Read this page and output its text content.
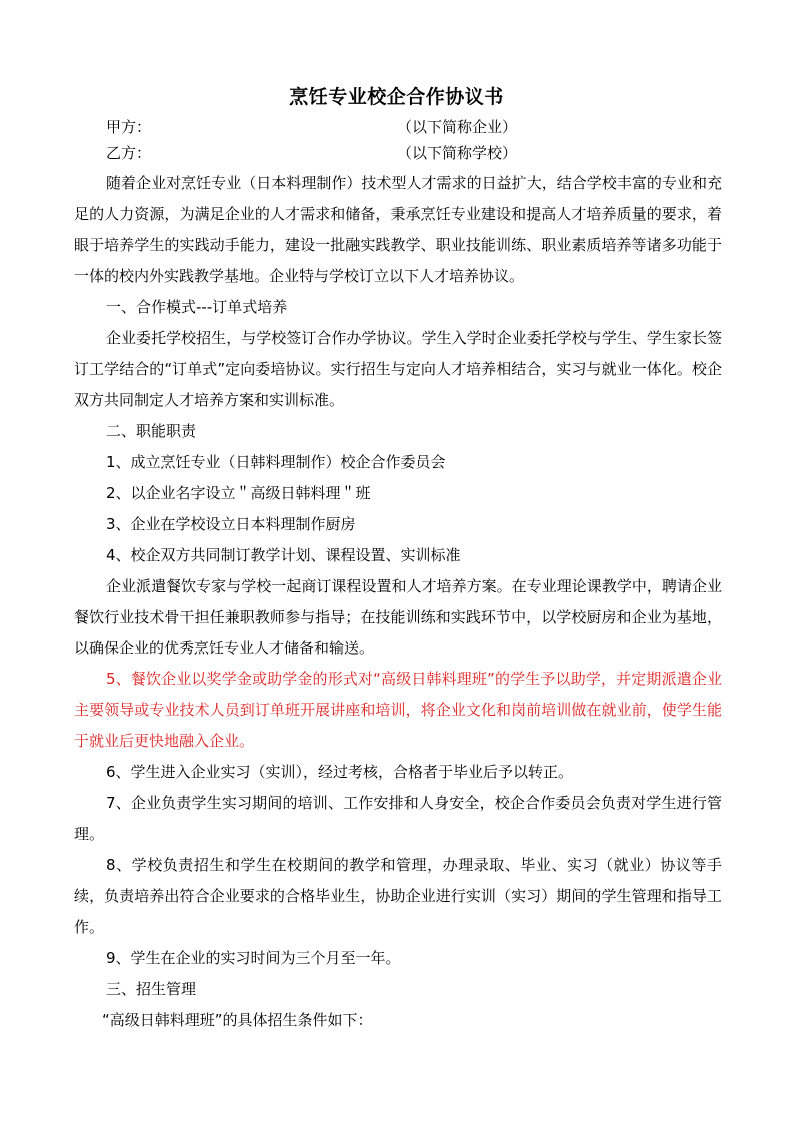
烹饪专业校企合作协议书
甲方：	（以下简称企业）
乙方：	（以下简称学校）

随着企业对烹饪专业（日本料理制作）技术型人才需求的日益扩大，结合学校丰富的专业和充足的人力资源，为满足企业的人才需求和储备，秉承烹饪专业建设和提高人才培养质量的要求，着眼于培养学生的实践动手能力，建设一批融实践教学、职业技能训练、职业素质培养等诸多功能于一体的校内外实践教学基地。企业特与学校订立以下人才培养协议。

一、合作模式---订单式培养

企业委托学校招生，与学校签订合作办学协议。学生入学时企业委托学校与学生、学生家长签订工学结合的“订单式”定向委培协议。实行招生与定向人才培养相结合，实习与就业一体化。校企双方共同制定人才培养方案和实训标准。

二、职能职责

1、成立烹饪专业（日韩料理制作）校企合作委员会

2、以企业名字设立＂高级日韩料理＂班

3、企业在学校设立日本料理制作厨房

4、校企双方共同制订教学计划、课程设置、实训标准

企业派遣餐饮专家与学校一起商订课程设置和人才培养方案。在专业理论课教学中，聘请企业餐饮行业技术骨干担任兼职教师参与指导；在技能训练和实践环节中，以学校厨房和企业为基地，以确保企业的优秀烹饪专业人才储备和输送。

5、餐饮企业以奖学金或助学金的形式对“高级日韩料理班”的学生予以助学，并定期派遣企业主要领导或专业技术人员到订单班开展讲座和培训，将企业文化和岗前培训做在就业前，使学生能于就业后更快地融入企业。

6、学生进入企业实习（实训），经过考核，合格者于毕业后予以转正。

7、企业负责学生实习期间的培训、工作安排和人身安全，校企合作委员会负责对学生进行管理。

8、学校负责招生和学生在校期间的教学和管理，办理录取、毕业、实习（就业）协议等手续，负责培养出符合企业要求的合格毕业生，协助企业进行实训（实习）期间的学生管理和指导工作。

9、学生在企业的实习时间为三个月至一年。

三、招生管理

“高级日韩料理班”的具体招生条件如下：
